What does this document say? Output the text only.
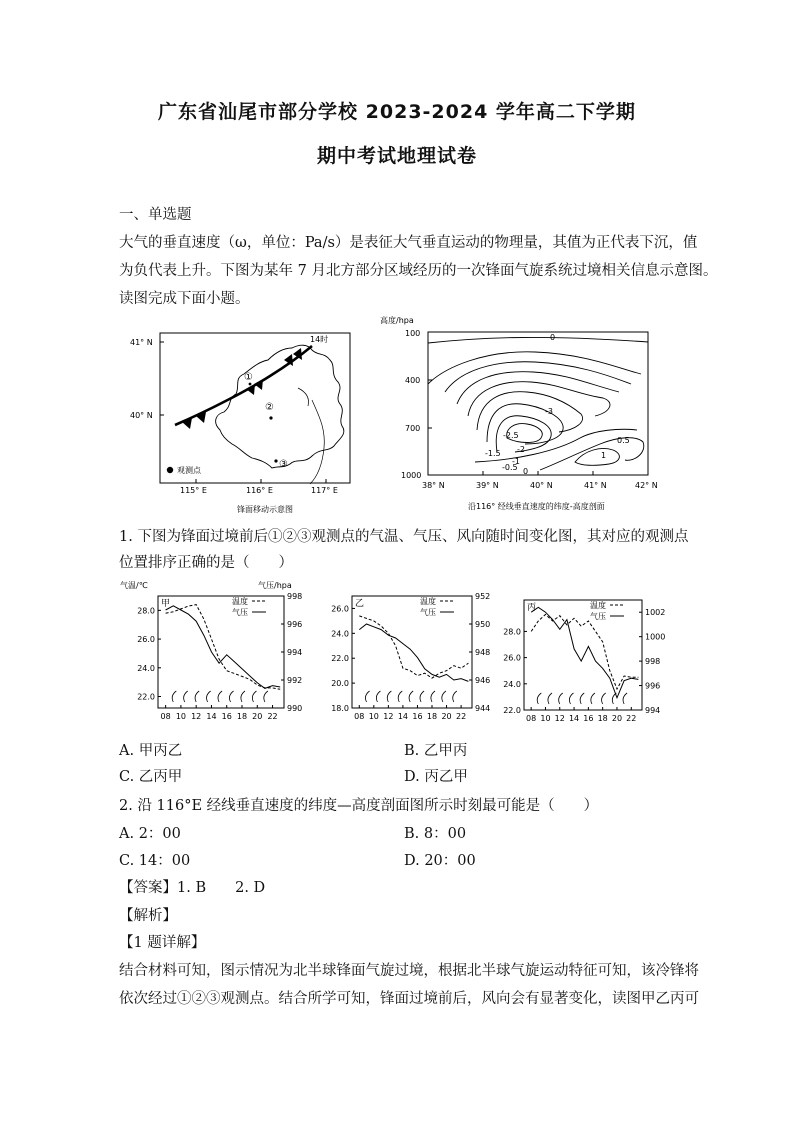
广东省汕尾市部分学校 2023-2024 学年高二下学期
期中考试地理试卷
一、单选题
大气的垂直速度（ω，单位：Pa/s）是表征大气垂直运动的物理量，其值为正代表下沉，值
为负代表上升。下图为某年 7 月北方部分区域经历的一次锋面气旋系统过境相关信息示意图。
读图完成下面小题。
41° N
40° N
115° E	116° E	117° E
14时
①
②
③
观测点
锋面移动示意图
高度/hpa
100
400
700
1000
38° N	39° N	40° N	41° N	42° N
0
-3
-2.5
-2
-1.5
-1
-0.5 0
0.5
1
沿116° 经线垂直速度的纬度-高度剖面
1. 下图为锋面过境前后①②③观测点的气温、气压、风向随时间变化图，其对应的观测点
位置排序正确的是（　　）
甲
气温/℃	气压/hpa
28.0
26.0
24.0
22.0
998
996
994
992
990
08 10 12 14 16 18 20 22
温度
气压
乙
26.0
24.0
22.0
20.0
18.0
952
950
948
946
944
08 10 12 14 16 18 20 22
温度
气压	丙
28.0
26.0
24.0
22.0
1002
1000
998
996
994
08 10 12 14 16 18 20 22
温度
气压
A. 甲丙乙	B. 乙甲丙
C. 乙丙甲	D. 丙乙甲
2. 沿 116°E 经线垂直速度的纬度—高度剖面图所示时刻最可能是（　　）
A. 2：00	B. 8：00
C. 14：00	D. 20：00
【答案】1. B　　2. D
【解析】
【1 题详解】
结合材料可知，图示情况为北半球锋面气旋过境，根据北半球气旋运动特征可知，该冷锋将
依次经过①②③观测点。结合所学可知，锋面过境前后，风向会有显著变化，读图甲乙丙可
